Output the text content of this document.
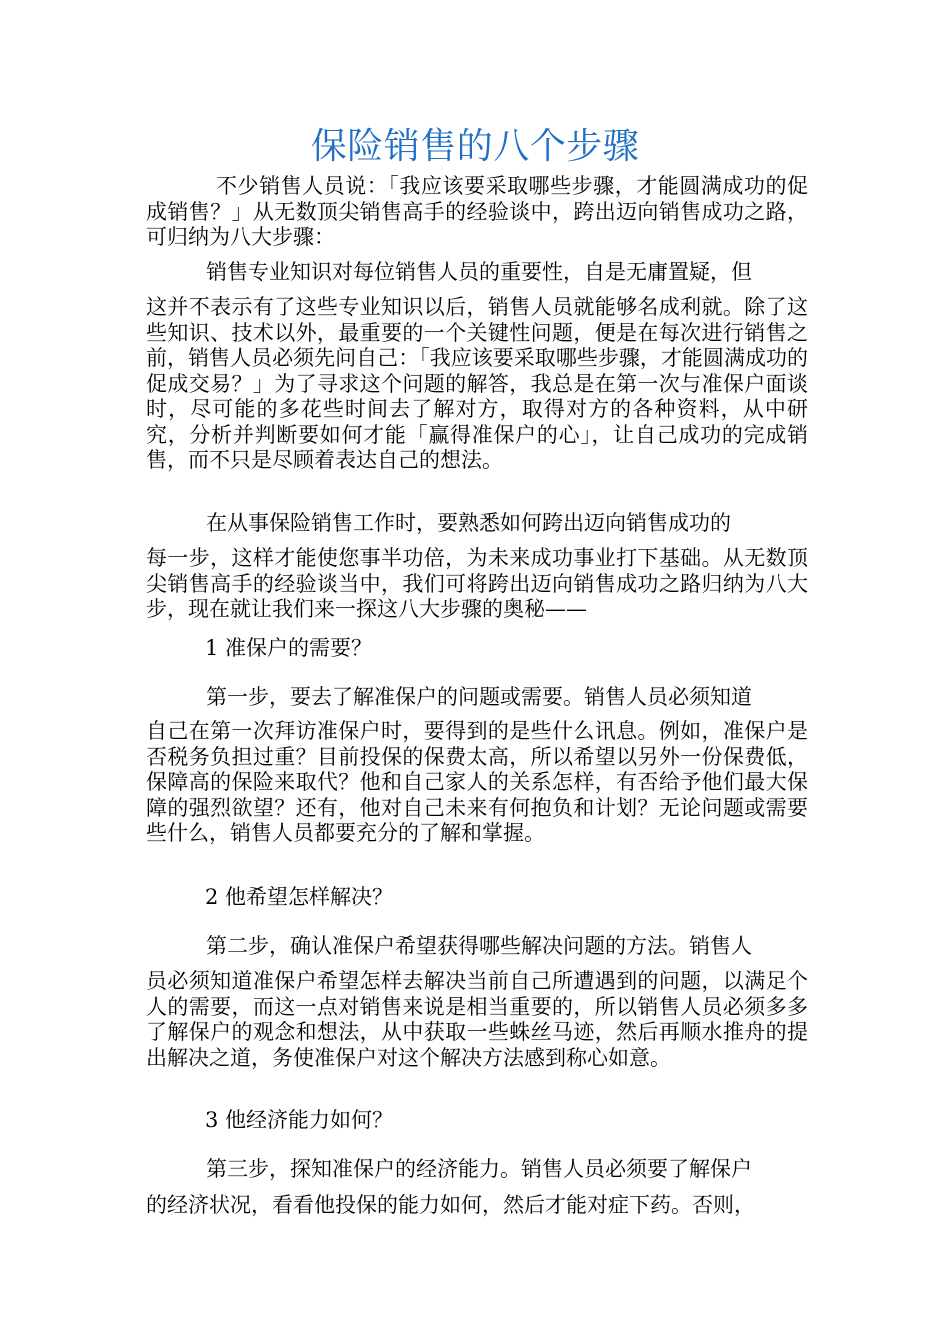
保险销售的八个步骤

不少销售人员说：「我应该要采取哪些步骤，才能圆满成功的促成销售？」从无数顶尖销售高手的经验谈中，跨出迈向销售成功之路，可归纳为八大步骤：

销售专业知识对每位销售人员的重要性，自是无庸置疑，但

这并不表示有了这些专业知识以后，销售人员就能够名成利就。除了这些知识、技术以外，最重要的一个关键性问题，便是在每次进行销售之前，销售人员必须先问自己：「我应该要采取哪些步骤，才能圆满成功的促成交易？」为了寻求这个问题的解答，我总是在第一次与准保户面谈时，尽可能的多花些时间去了解对方，取得对方的各种资料，从中研究，分析并判断要如何才能「赢得准保户的心」，让自己成功的完成销售，而不只是尽顾着表达自己的想法。

在从事保险销售工作时，要熟悉如何跨出迈向销售成功的

每一步，这样才能使您事半功倍，为未来成功事业打下基础。从无数顶尖销售高手的经验谈当中，我们可将跨出迈向销售成功之路归纳为八大步，现在就让我们来一探这八大步骤的奥秘——

1 准保户的需要？

第一步，要去了解准保户的问题或需要。销售人员必须知道

自己在第一次拜访准保户时，要得到的是些什么讯息。例如，准保户是否税务负担过重？目前投保的保费太高，所以希望以另外一份保费低，保障高的保险来取代？他和自己家人的关系怎样，有否给予他们最大保障的强烈欲望？还有，他对自己未来有何抱负和计划？无论问题或需要些什么，销售人员都要充分的了解和掌握。

2 他希望怎样解决？

第二步，确认准保户希望获得哪些解决问题的方法。销售人

员必须知道准保户希望怎样去解决当前自己所遭遇到的问题，以满足个人的需要，而这一点对销售来说是相当重要的，所以销售人员必须多多了解保户的观念和想法，从中获取一些蛛丝马迹，然后再顺水推舟的提出解决之道，务使准保户对这个解决方法感到称心如意。

3 他经济能力如何？

第三步，探知准保户的经济能力。销售人员必须要了解保户

的经济状况，看看他投保的能力如何，然后才能对症下药。否则，
